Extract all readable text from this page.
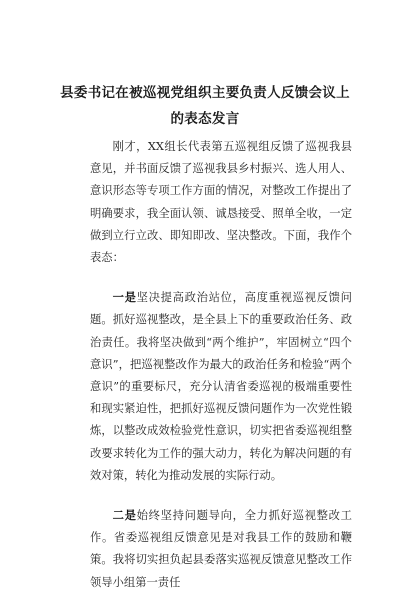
县委书记在被巡视党组织主要负责人反馈会议上的表态发言

刚才，XX组长代表第五巡视组反馈了巡视我县意见，并书面反馈了巡视我县乡村振兴、选人用人、意识形态等专项工作方面的情况，对整改工作提出了明确要求，我全面认领、诚恳接受、照单全收，一定做到立行立改、即知即改、坚决整改。下面，我作个表态：

一是坚决提高政治站位，高度重视巡视反馈问题。抓好巡视整改，是全县上下的重要政治任务、政治责任。我将坚决做到“两个维护”，牢固树立“四个意识”，把巡视整改作为最大的政治任务和检验“两个意识”的重要标尺，充分认清省委巡视的极端重要性和现实紧迫性，把抓好巡视反馈问题作为一次党性锻炼，以整改成效检验党性意识，切实把省委巡视组整改要求转化为工作的强大动力，转化为解决问题的有效对策，转化为推动发展的实际行动。

二是始终坚持问题导向，全力抓好巡视整改工作。省委巡视组反馈意见是对我县工作的鼓励和鞭策。我将切实担负起县委落实巡视反馈意见整改工作领导小组第一责任
